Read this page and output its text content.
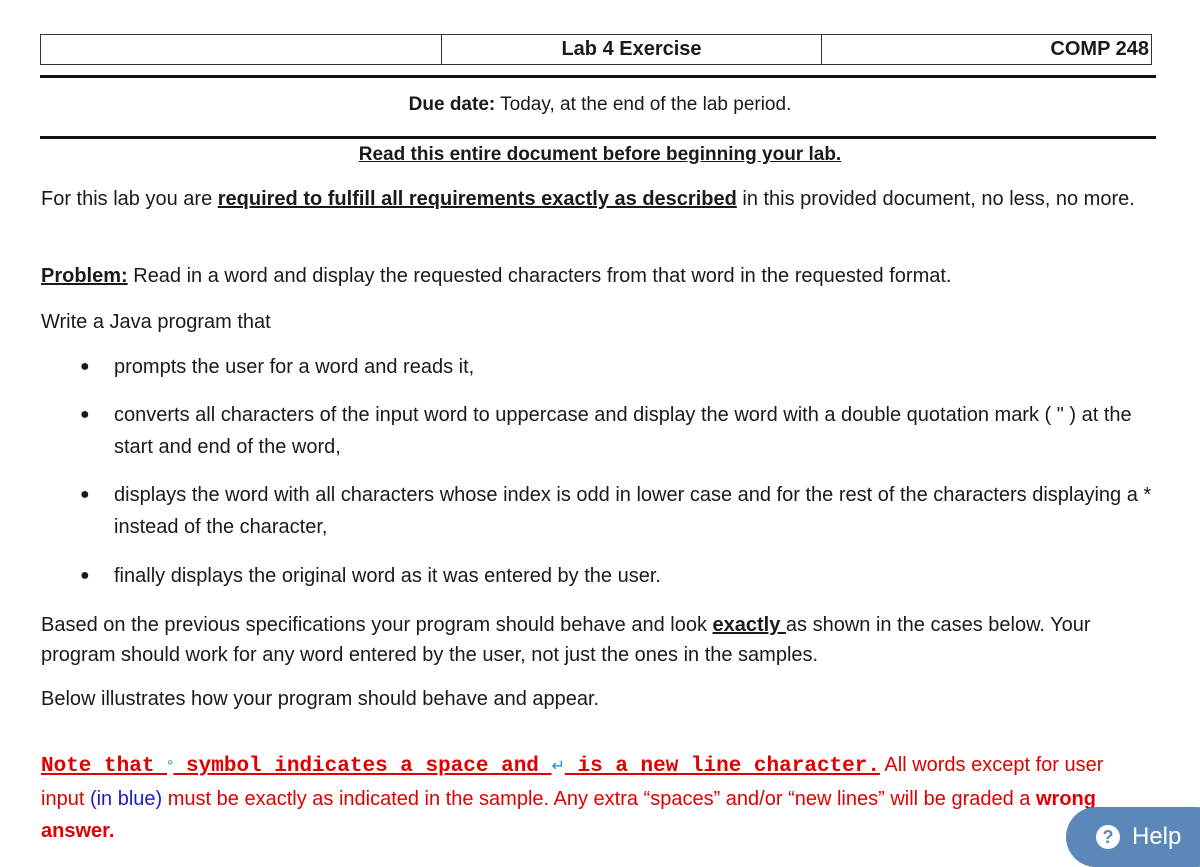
Lab 4 Exercise	COMP 248
Due date: Today, at the end of the lab period.
Read this entire document before beginning your lab.
For this lab you are required to fulfill all requirements exactly as described in this provided document, no less, no more.
Problem: Read in a word and display the requested characters from that word in the requested format.
Write a Java program that
●	prompts the user for a word and reads it,
●	converts all characters of the input word to uppercase and display the word with a double quotation mark ( " ) at the start and end of the word,
●	displays the word with all characters whose index is odd in lower case and for the rest of the characters displaying a * instead of the character,
●	finally displays the original word as it was entered by the user.
Based on the previous specifications your program should behave and look exactly as shown in the cases below. Your program should work for any word entered by the user, not just the ones in the samples.
Below illustrates how your program should behave and appear.
Note that ° symbol indicates a space and ↵ is a new line character. All words except for user input (in blue) must be exactly as indicated in the sample. Any extra “spaces” and/or “new lines” will be graded a wrong answer.	? Help
